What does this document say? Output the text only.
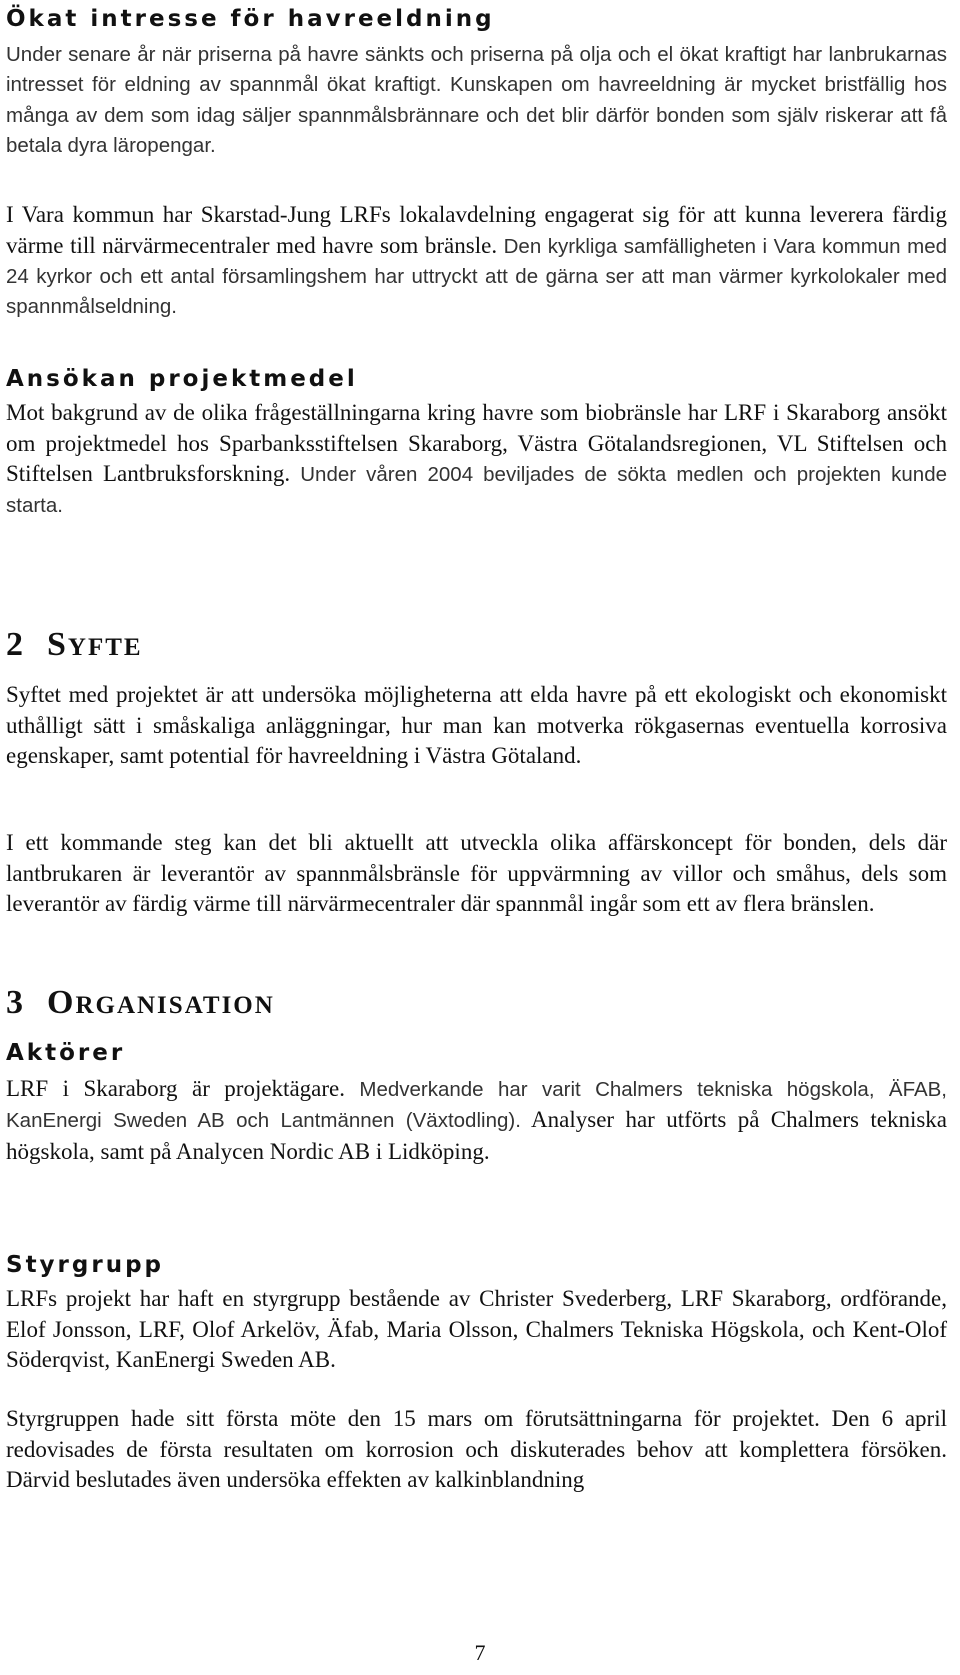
Ökat intresse för havreeldning

Under senare år när priserna på havre sänkts och priserna på olja och el ökat kraftigt har lanbrukarnas intresset för eldning av spannmål ökat kraftigt. Kunskapen om havreeldning är mycket bristfällig hos många av dem som idag säljer spannmålsbrännare och det blir därför bonden som själv riskerar att få betala dyra läropengar.

I Vara kommun har Skarstad-Jung LRFs lokalavdelning engagerat sig för att kunna leverera färdig värme till närvärmecentraler med havre som bränsle. Den kyrkliga samfälligheten i Vara kommun med 24 kyrkor och ett antal församlingshem har uttryckt att de gärna ser att man värmer kyrkolokaler med spannmålseldning.

Ansökan projektmedel

Mot bakgrund av de olika frågeställningarna kring havre som biobränsle har LRF i Skaraborg ansökt om projektmedel hos Sparbanksstiftelsen Skaraborg, Västra Götalandsregionen, VL Stiftelsen och Stiftelsen Lantbruksforskning. Under våren 2004 beviljades de sökta medlen och projekten kunde starta.

2 SYFTE

Syftet med projektet är att undersöka möjligheterna att elda havre på ett ekologiskt och ekonomiskt uthålligt sätt i småskaliga anläggningar, hur man kan motverka rökgasernas eventuella korrosiva egenskaper, samt potential för havreeldning i Västra Götaland.

I ett kommande steg kan det bli aktuellt att utveckla olika affärskoncept för bonden, dels där lantbrukaren är leverantör av spannmålsbränsle för uppvärmning av villor och småhus, dels som leverantör av färdig värme till närvärmecentraler där spannmål ingår som ett av flera bränslen.

3 ORGANISATION
Aktörer

LRF i Skaraborg är projektägare. Medverkande har varit Chalmers tekniska högskola, ÄFAB, KanEnergi Sweden AB och Lantmännen (Växtodling). Analyser har utförts på Chalmers tekniska högskola, samt på Analycen Nordic AB i Lidköping.

Styrgrupp

LRFs projekt har haft en styrgrupp bestående av Christer Svederberg, LRF Skaraborg, ordförande, Elof Jonsson, LRF, Olof Arkelöv, Äfab, Maria Olsson, Chalmers Tekniska Högskola, och Kent-Olof Söderqvist, KanEnergi Sweden AB.

Styrgruppen hade sitt första möte den 15 mars om förutsättningarna för projektet. Den 6 april redovisades de första resultaten om korrosion och diskuterades behov att komplettera försöken. Därvid beslutades även undersöka effekten av kalkinblandning

7
